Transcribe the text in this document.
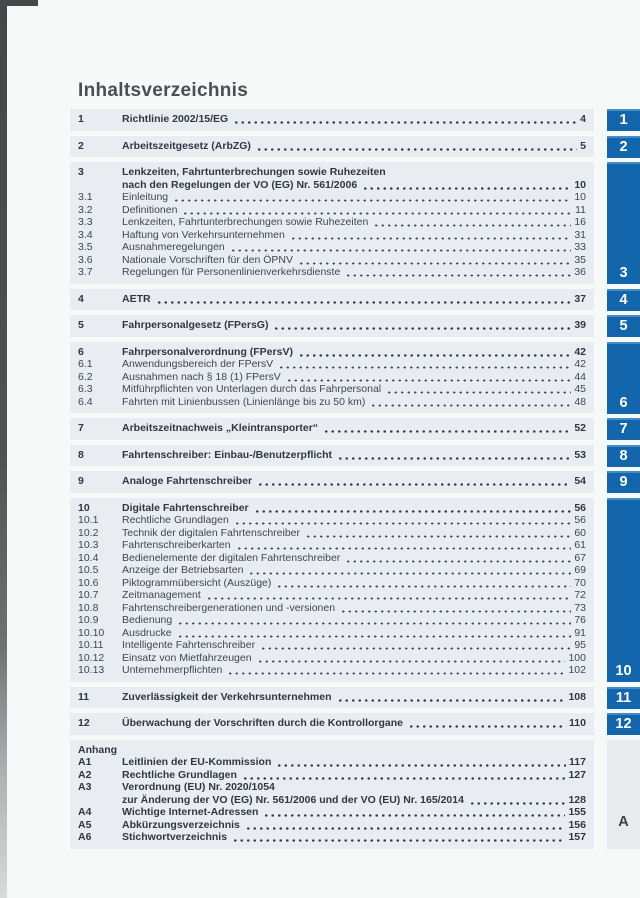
Inhaltsverzeichnis
1	Richtlinie 2002/15/EG	4
2	Arbeitszeitgesetz (ArbZG)	5
3	Lenkzeiten, Fahrtunterbrechungen sowie Ruhezeiten
nach den Regelungen der VO (EG) Nr. 561/2006	10
3.1	Einleitung	10
3.2	Definitionen	11
3.3	Lenkzeiten, Fahrtunterbrechungen sowie Ruhezeiten	16
3.4	Haftung von Verkehrsunternehmen	31
3.5	Ausnahmeregelungen	33
3.6	Nationale Vorschriften für den ÖPNV	35
3.7	Regelungen für Personenlinienverkehrsdienste	36
4	AETR	37
5	Fahrpersonalgesetz (FPersG)	39
6	Fahrpersonalverordnung (FPersV)	42
6.1	Anwendungsbereich der FPersV	42
6.2	Ausnahmen nach § 18 (1) FPersV	44
6.3	Mitführpflichten von Unterlagen durch das Fahrpersonal	45
6.4	Fahrten mit Linienbussen (Linienlänge bis zu 50 km)	48
7	Arbeitszeitnachweis „Kleintransporter“	52
8	Fahrtenschreiber: Einbau-/Benutzerpflicht	53
9	Analoge Fahrtenschreiber	54
10	Digitale Fahrtenschreiber	56
10.1	Rechtliche Grundlagen	56
10.2	Technik der digitalen Fahrtenschreiber	60
10.3	Fahrtenschreiberkarten	61
10.4	Bedienelemente der digitalen Fahrtenschreiber	67
10.5	Anzeige der Betriebsarten	69
10.6	Piktogrammübersicht (Auszüge)	70
10.7	Zeitmanagement	72
10.8	Fahrtenschreibergenerationen und -versionen	73
10.9	Bedienung	76
10.10	Ausdrucke	91
10.11	Intelligente Fahrtenschreiber	95
10.12	Einsatz von Mietfahrzeugen	100
10.13	Unternehmerpflichten	102
11	Zuverlässigkeit der Verkehrsunternehmen	108
12	Überwachung der Vorschriften durch die Kontrollorgane	110
Anhang
A1	Leitlinien der EU-Kommission	117
A2	Rechtliche Grundlagen	127
A3	Verordnung (EU) Nr. 2020/1054
zur Änderung der VO (EG) Nr. 561/2006 und der VO (EU) Nr. 165/2014	128
A4	Wichtige Internet-Adressen	155
A5	Abkürzungsverzeichnis	156
A6	Stichwortverzeichnis	157
1
2
3
4
5
6
7
8
9
10
11
12
A
